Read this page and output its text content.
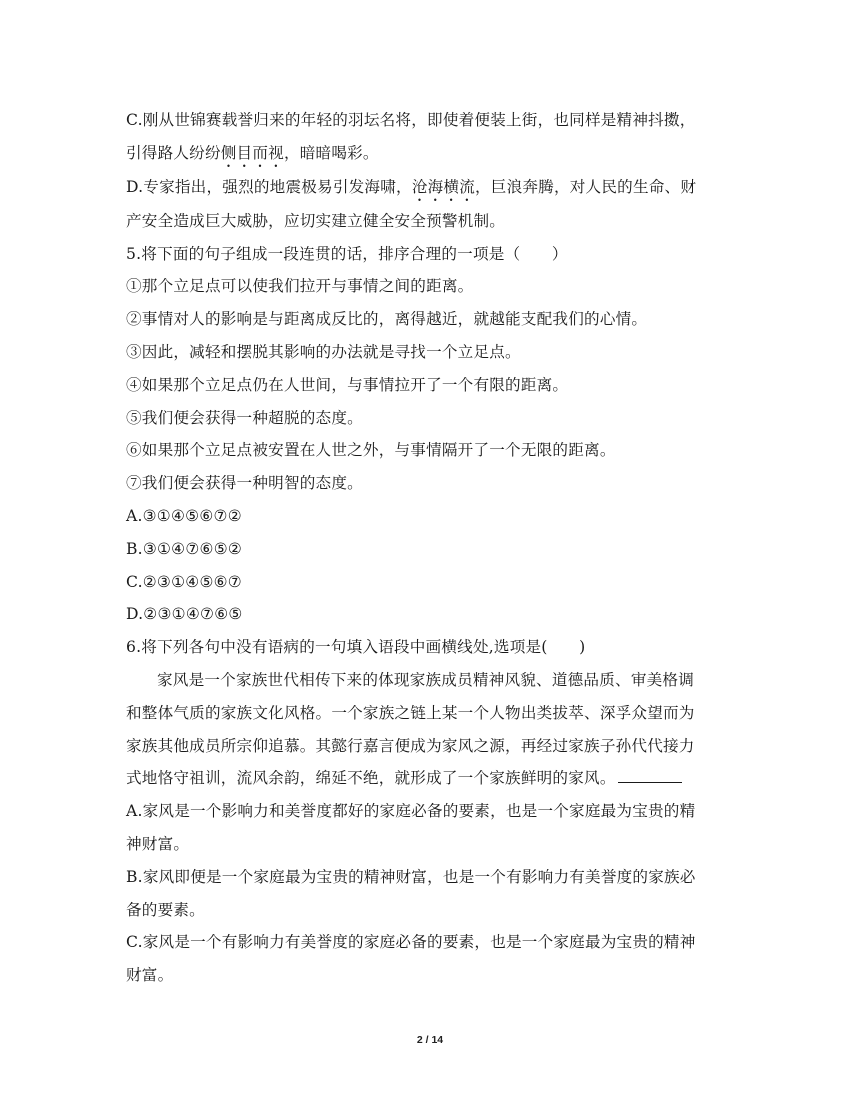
C.刚从世锦赛载誉归来的年轻的羽坛名将，即使着便装上街，也同样是精神抖擞，
引得路人纷纷侧目而视，暗暗喝彩。
D.专家指出，强烈的地震极易引发海啸，沧海横流，巨浪奔腾，对人民的生命、财
产安全造成巨大威胁，应切实建立健全安全预警机制。
5.将下面的句子组成一段连贯的话，排序合理的一项是（　　）
①那个立足点可以使我们拉开与事情之间的距离。
②事情对人的影响是与距离成反比的，离得越近，就越能支配我们的心情。
③因此，减轻和摆脱其影响的办法就是寻找一个立足点。
④如果那个立足点仍在人世间，与事情拉开了一个有限的距离。
⑤我们便会获得一种超脱的态度。
⑥如果那个立足点被安置在人世之外，与事情隔开了一个无限的距离。
⑦我们便会获得一种明智的态度。
A.③①④⑤⑥⑦②
B.③①④⑦⑥⑤②
C.②③①④⑤⑥⑦
D.②③①④⑦⑥⑤
6.将下列各句中没有语病的一句填入语段中画横线处,选项是(　　)
家风是一个家族世代相传下来的体现家族成员精神风貌、道德品质、审美格调
和整体气质的家族文化风格。一个家族之链上某一个人物出类拔萃、深孚众望而为
家族其他成员所宗仰追慕。其懿行嘉言便成为家风之源，再经过家族子孙代代接力
式地恪守祖训，流风余韵，绵延不绝，就形成了一个家族鲜明的家风。
A.家风是一个影响力和美誉度都好的家庭必备的要素，也是一个家庭最为宝贵的精
神财富。
B.家风即便是一个家庭最为宝贵的精神财富，也是一个有影响力有美誉度的家族必
备的要素。
C.家风是一个有影响力有美誉度的家庭必备的要素，也是一个家庭最为宝贵的精神
财富。
2 / 14
